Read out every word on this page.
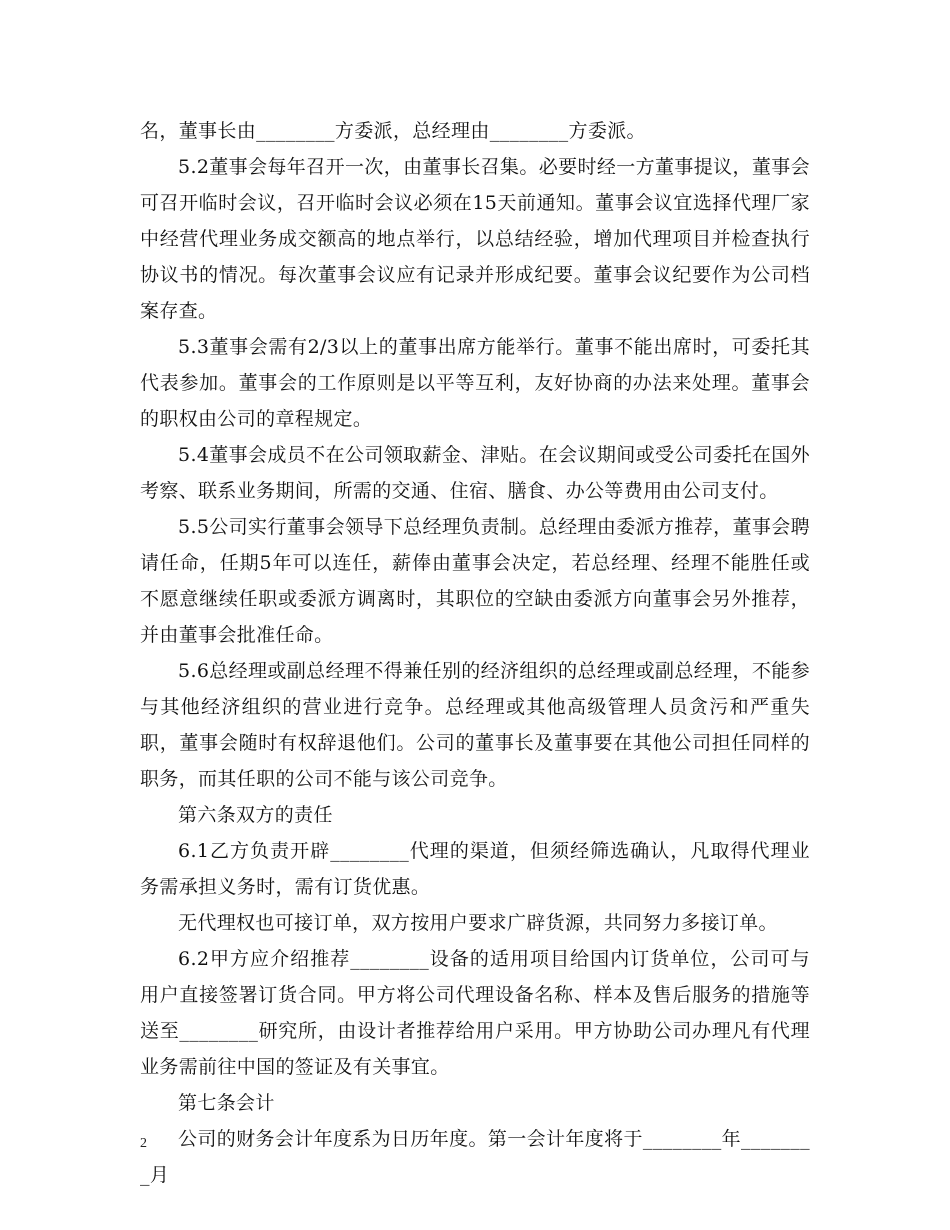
名，董事长由________方委派，总经理由________方委派。

5.2董事会每年召开一次，由董事长召集。必要时经一方董事提议，董事会可召开临时会议，召开临时会议必须在15天前通知。董事会议宜选择代理厂家中经营代理业务成交额高的地点举行，以总结经验，增加代理项目并检查执行协议书的情况。每次董事会议应有记录并形成纪要。董事会议纪要作为公司档案存查。

5.3董事会需有2/3以上的董事出席方能举行。董事不能出席时，可委托其代表参加。董事会的工作原则是以平等互利，友好协商的办法来处理。董事会的职权由公司的章程规定。

5.4董事会成员不在公司领取薪金、津贴。在会议期间或受公司委托在国外考察、联系业务期间，所需的交通、住宿、膳食、办公等费用由公司支付。

5.5公司实行董事会领导下总经理负责制。总经理由委派方推荐，董事会聘请任命，任期5年可以连任，薪俸由董事会决定，若总经理、经理不能胜任或不愿意继续任职或委派方调离时，其职位的空缺由委派方向董事会另外推荐，并由董事会批准任命。

5.6总经理或副总经理不得兼任别的经济组织的总经理或副总经理，不能参与其他经济组织的营业进行竞争。总经理或其他高级管理人员贪污和严重失职，董事会随时有权辞退他们。公司的董事长及董事要在其他公司担任同样的职务，而其任职的公司不能与该公司竞争。

第六条双方的责任

6.1乙方负责开辟________代理的渠道，但须经筛选确认，凡取得代理业务需承担义务时，需有订货优惠。

无代理权也可接订单，双方按用户要求广辟货源，共同努力多接订单。

6.2甲方应介绍推荐________设备的适用项目给国内订货单位，公司可与用户直接签署订货合同。甲方将公司代理设备名称、样本及售后服务的措施等送至________研究所，由设计者推荐给用户采用。甲方协助公司办理凡有代理业务需前往中国的签证及有关事宜。

第七条会计

公司的财务会计年度系为日历年度。第一会计年度将于________年________月

2
